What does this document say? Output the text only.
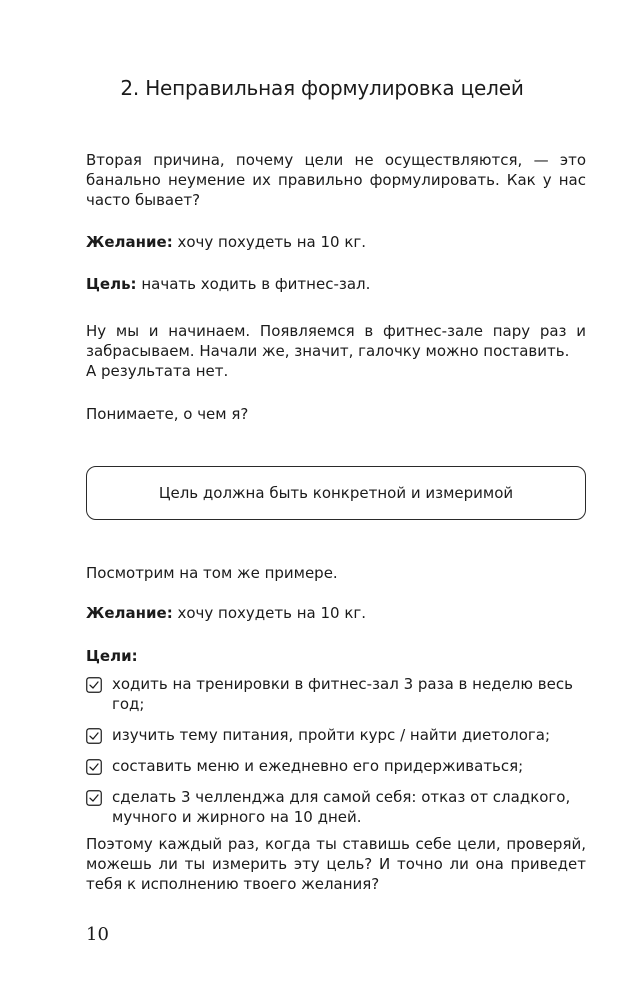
2. Неправильная формулировка целей
Вторая причина, почему цели не осуществляются, — это банально неумение их правильно формулировать. Как у нас часто бывает?
Желание: хочу похудеть на 10 кг.
Цель: начать ходить в фитнес-зал.
Ну мы и начинаем. Появляемся в фитнес-зале пару раз и забрасываем. Начали же, значит, галочку можно поставить.
А результата нет.
Понимаете, о чем я?
Цель должна быть конкретной и измеримой
Посмотрим на том же примере.
Желание: хочу похудеть на 10 кг.
Цели:
ходить на тренировки в фитнес-зал 3 раза в неделю весь год;
изучить тему питания, пройти курс / найти диетолога;
составить меню и ежедневно его придерживаться;
сделать 3 челленджа для самой себя: отказ от сладкого, мучного и жирного на 10 дней.
Поэтому каждый раз, когда ты ставишь себе цели, проверяй, можешь ли ты измерить эту цель? И точно ли она приведет тебя к исполнению твоего желания?
10
